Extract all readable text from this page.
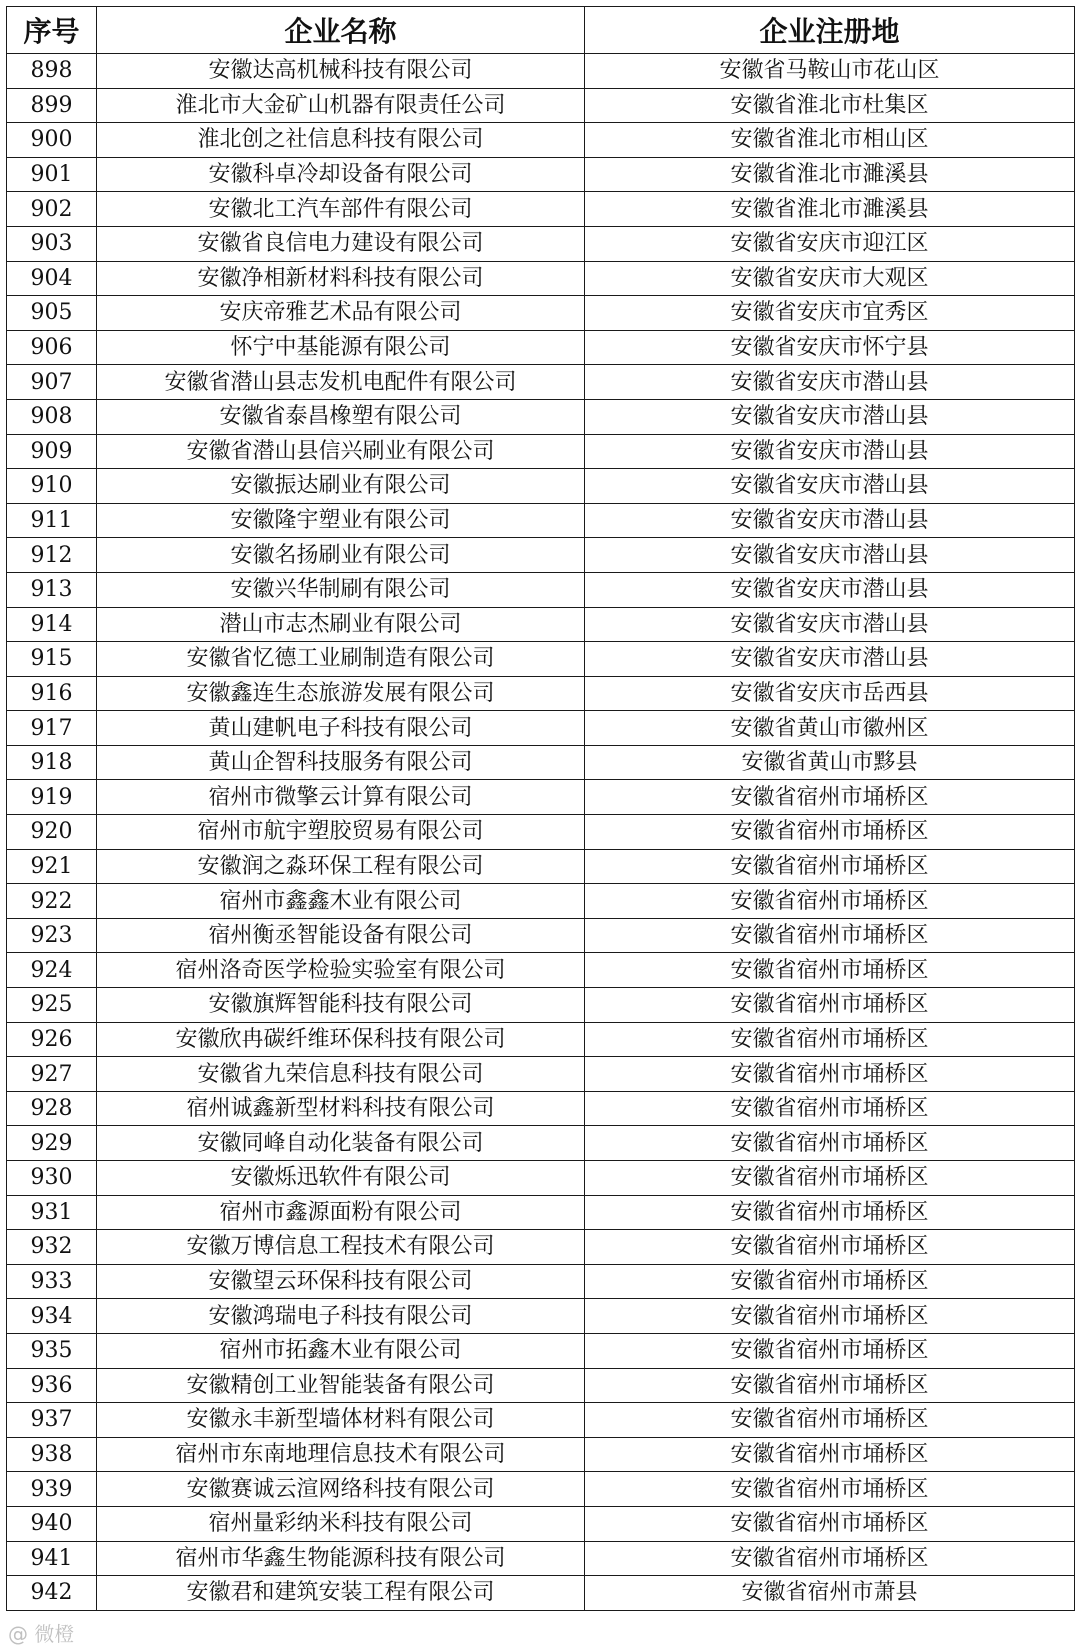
序号	企业名称	企业注册地
898	安徽达高机械科技有限公司	安徽省马鞍山市花山区
899	淮北市大金矿山机器有限责任公司	安徽省淮北市杜集区
900	淮北创之社信息科技有限公司	安徽省淮北市相山区
901	安徽科卓冷却设备有限公司	安徽省淮北市濉溪县
902	安徽北工汽车部件有限公司	安徽省淮北市濉溪县
903	安徽省良信电力建设有限公司	安徽省安庆市迎江区
904	安徽净相新材料科技有限公司	安徽省安庆市大观区
905	安庆帝雅艺术品有限公司	安徽省安庆市宜秀区
906	怀宁中基能源有限公司	安徽省安庆市怀宁县
907	安徽省潜山县志发机电配件有限公司	安徽省安庆市潜山县
908	安徽省泰昌橡塑有限公司	安徽省安庆市潜山县
909	安徽省潜山县信兴刷业有限公司	安徽省安庆市潜山县
910	安徽振达刷业有限公司	安徽省安庆市潜山县
911	安徽隆宇塑业有限公司	安徽省安庆市潜山县
912	安徽名扬刷业有限公司	安徽省安庆市潜山县
913	安徽兴华制刷有限公司	安徽省安庆市潜山县
914	潜山市志杰刷业有限公司	安徽省安庆市潜山县
915	安徽省忆德工业刷制造有限公司	安徽省安庆市潜山县
916	安徽鑫连生态旅游发展有限公司	安徽省安庆市岳西县
917	黄山建帆电子科技有限公司	安徽省黄山市徽州区
918	黄山企智科技服务有限公司	安徽省黄山市黟县
919	宿州市微擎云计算有限公司	安徽省宿州市埇桥区
920	宿州市航宇塑胶贸易有限公司	安徽省宿州市埇桥区
921	安徽润之淼环保工程有限公司	安徽省宿州市埇桥区
922	宿州市鑫鑫木业有限公司	安徽省宿州市埇桥区
923	宿州衡丞智能设备有限公司	安徽省宿州市埇桥区
924	宿州洛奇医学检验实验室有限公司	安徽省宿州市埇桥区
925	安徽旗辉智能科技有限公司	安徽省宿州市埇桥区
926	安徽欣冉碳纤维环保科技有限公司	安徽省宿州市埇桥区
927	安徽省九荣信息科技有限公司	安徽省宿州市埇桥区
928	宿州诚鑫新型材料科技有限公司	安徽省宿州市埇桥区
929	安徽同峰自动化装备有限公司	安徽省宿州市埇桥区
930	安徽烁迅软件有限公司	安徽省宿州市埇桥区
931	宿州市鑫源面粉有限公司	安徽省宿州市埇桥区
932	安徽万博信息工程技术有限公司	安徽省宿州市埇桥区
933	安徽望云环保科技有限公司	安徽省宿州市埇桥区
934	安徽鸿瑞电子科技有限公司	安徽省宿州市埇桥区
935	宿州市拓鑫木业有限公司	安徽省宿州市埇桥区
936	安徽精创工业智能装备有限公司	安徽省宿州市埇桥区
937	安徽永丰新型墙体材料有限公司	安徽省宿州市埇桥区
938	宿州市东南地理信息技术有限公司	安徽省宿州市埇桥区
939	安徽赛诚云渲网络科技有限公司	安徽省宿州市埇桥区
940	宿州量彩纳米科技有限公司	安徽省宿州市埇桥区
941	宿州市华鑫生物能源科技有限公司	安徽省宿州市埇桥区
942	安徽君和建筑安装工程有限公司	安徽省宿州市萧县
@ 微橙
